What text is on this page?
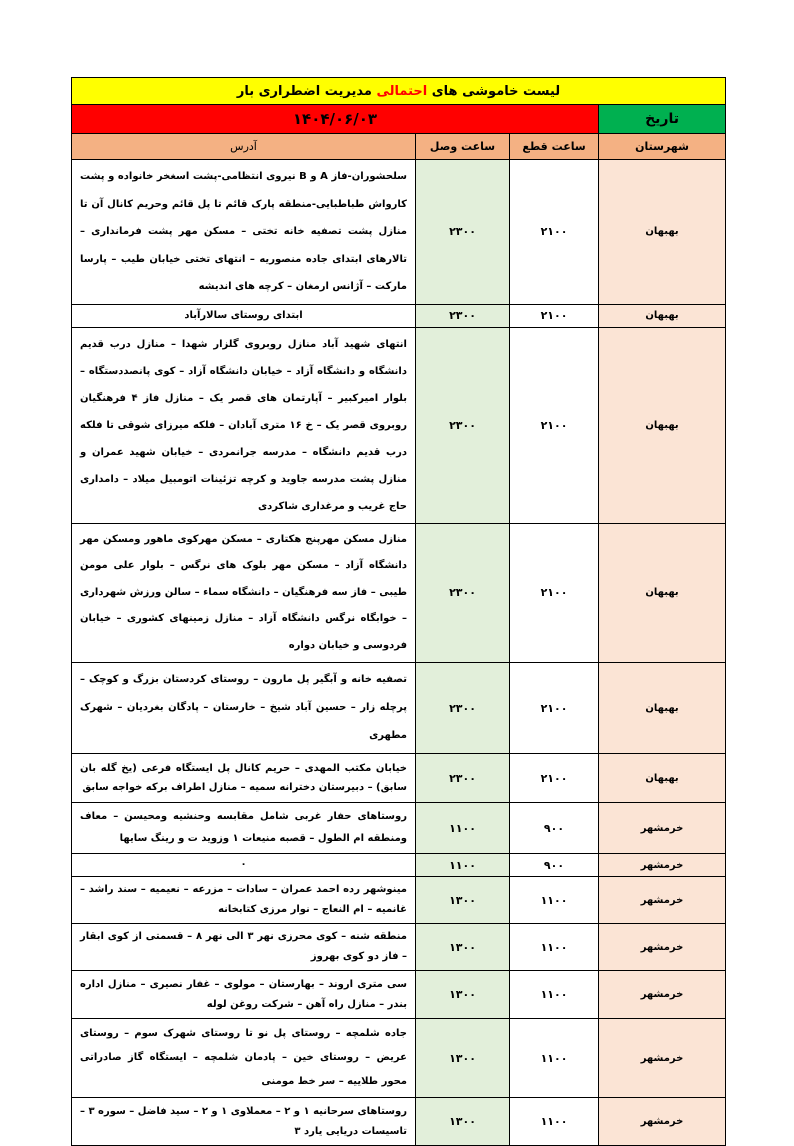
لیست خاموشی های احتمالی مدیریت اضطراری بار			
۱۴۰۴/۰۶/۰۳			تاریخ
آدرس	ساعت وصل	ساعت قطع	شهرستان
سلحشوران-فاز A و B نیروی انتظامی-پشت اسغخر خانواده و پشت کارواش طباطبایی-منطقه پارک قائم تا پل قائم وحریم کانال آن تا منازل پشت تصفیه خانه تختی – مسکن مهر پشت فرمانداری – تالارهای ابتدای جاده منصوریه – انتهای تختی خیابان طیب – پارسا مارکت – آژانس ارمغان – کرچه های اندیشه	۲۳۰۰	۲۱۰۰	بهبهان
ابتدای روستای سالارآباد	۲۳۰۰	۲۱۰۰	بهبهان
انتهای شهید آباد منازل روبروی گلزار شهدا – منازل درب قدیم دانشگاه و دانشگاه آزاد – خیابان دانشگاه آزاد – کوی پانصددستگاه – بلوار امیرکبیر – آپارتمان های قصر یک – منازل فاز ۴ فرهنگیان روبروی قصر یک – خ ۱۶ متری آبادان – فلکه میرزای شوقی تا فلکه درب قدیم دانشگاه – مدرسه جرانمردی – خیابان شهید عمران و منازل پشت مدرسه جاوید و کرچه تزئینات اتومبیل میلاد – دامداری حاج غریب و مرغداری شاکردی	۲۳۰۰	۲۱۰۰	بهبهان
منازل مسکن مهرپنج هکتاری – مسکن مهرکوی ماهور ومسکن مهر دانشگاه آزاد – مسکن مهر بلوک های نرگس – بلوار علی مومن طیبی – فاز سه فرهنگیان – دانشگاه سماء – سالن ورزش شهرداری – خوابگاه نرگس دانشگاه آزاد – منازل زمینهای کشوری – خیابان فردوسی و خیابان دواره	۲۳۰۰	۲۱۰۰	بهبهان
تصفیه خانه و آبگیر پل مارون – روستای کردستان بزرگ و کوچک – پرچله زار – حسین آباد شیخ – خارستان – پادگان بغردیان – شهرک مطهری	۲۳۰۰	۲۱۰۰	بهبهان
خیابان مکتب المهدی – حریم کانال پل ایستگاه فرعی (یخ گله بان سابق) – دبیرستان دخترانه سمیه – منازل اطراف برکه خواجه سابق	۲۳۰۰	۲۱۰۰	بهبهان
روستاهای حفار غربی شامل مقابسه وحنشیه ومحیسن – معاف ومنطقه ام الطول – قصبه منیعات ۱ وزوید ت و رینگ سایها	۱۱۰۰	۹۰۰	خرمشهر
۰	۱۱۰۰	۹۰۰	خرمشهر
مینوشهر رده احمد عمران – سادات – مزرعه – نعیمیه – سند راشد – غانمیه – ام النعاج – نوار مرزی کتابخانه	۱۳۰۰	۱۱۰۰	خرمشهر
منطقه شنه – کوی محرزی نهر ۳ الی نهر ۸ – قسمتی از کوی ابقار – فاز دو کوی بهروز	۱۳۰۰	۱۱۰۰	خرمشهر
سی متری اروند – بهارستان – مولوی – غفار نصیری – منازل اداره بندر – منازل راه آهن – شرکت روغن لوله	۱۳۰۰	۱۱۰۰	خرمشهر
جاده شلمچه – روستای پل نو تا روستای شهرک سوم – روستای عریض – روستای خین – پادمان شلمچه – ایستگاه گاز صادراتی محور طلاییه – سر خط مومنی	۱۳۰۰	۱۱۰۰	خرمشهر
روستاهای سرحانیه ۱ و ۲ – معملاوی ۱ و ۲ – سید فاضل – سوره ۳ – تاسیسات دریایی یارد ۳	۱۳۰۰	۱۱۰۰	خرمشهر
